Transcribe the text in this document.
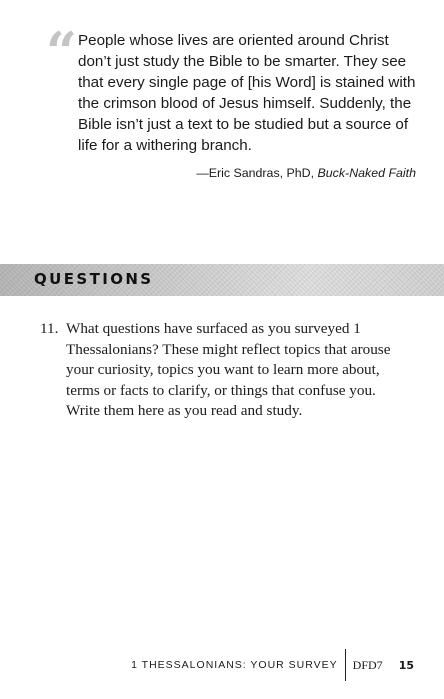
“ People whose lives are oriented around Christ don’t just study the Bible to be smarter. They see that every single page of [his Word] is stained with the crimson blood of Jesus himself. Suddenly, the Bible isn’t just a text to be studied but a source of life for a withering branch.

—Eric Sandras, PhD, Buck-Naked Faith

QUESTIONS
11. What questions have surfaced as you surveyed 1 Thessalonians? These might reflect topics that arouse your curiosity, topics you want to learn more about, terms or facts to clarify, or things that confuse you. Write them here as you read and study.
1 THESSALONIANS: YOUR SURVEY	DFD7	15
